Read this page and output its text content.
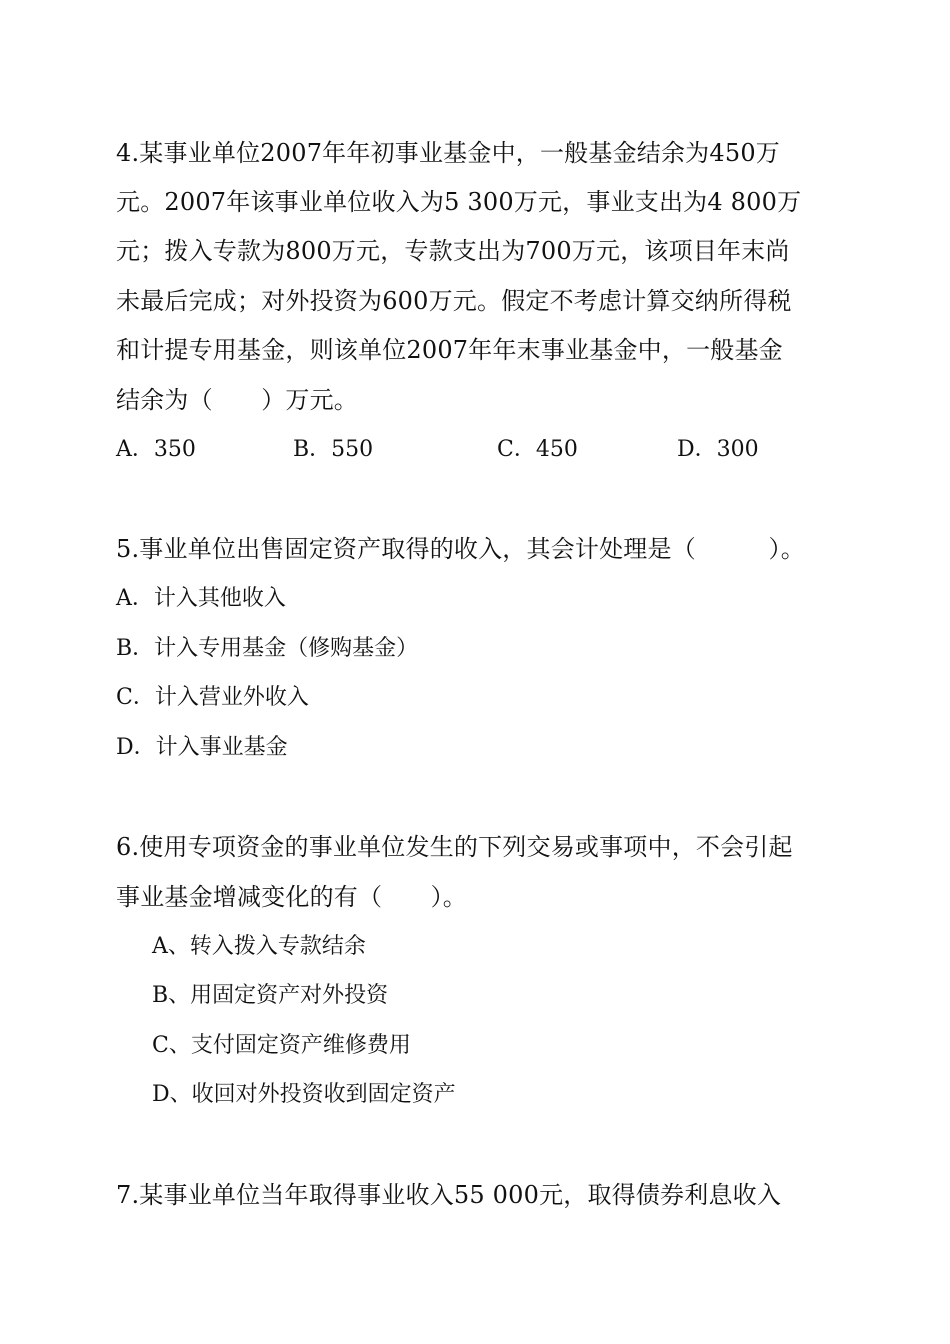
4.某事业单位2007年年初事业基金中，一般基金结余为450万
元。2007年该事业单位收入为5 300万元，事业支出为4 800万
元；拨入专款为800万元，专款支出为700万元，该项目年末尚
未最后完成；对外投资为600万元。假定不考虑计算交纳所得税
和计提专用基金，则该单位2007年年末事业基金中，一般基金
结余为（　　）万元。
A．350	B．550	C．450	D．300
5.事业单位出售固定资产取得的收入，其会计处理是（　　　）。
A．计入其他收入
B．计入专用基金（修购基金）
C．计入营业外收入
D．计入事业基金
6.使用专项资金的事业单位发生的下列交易或事项中，不会引起
事业基金增减变化的有（　　）。
A、转入拨入专款结余
B、用固定资产对外投资
C、支付固定资产维修费用
D、收回对外投资收到固定资产
7.某事业单位当年取得事业收入55 000元，取得债券利息收入
